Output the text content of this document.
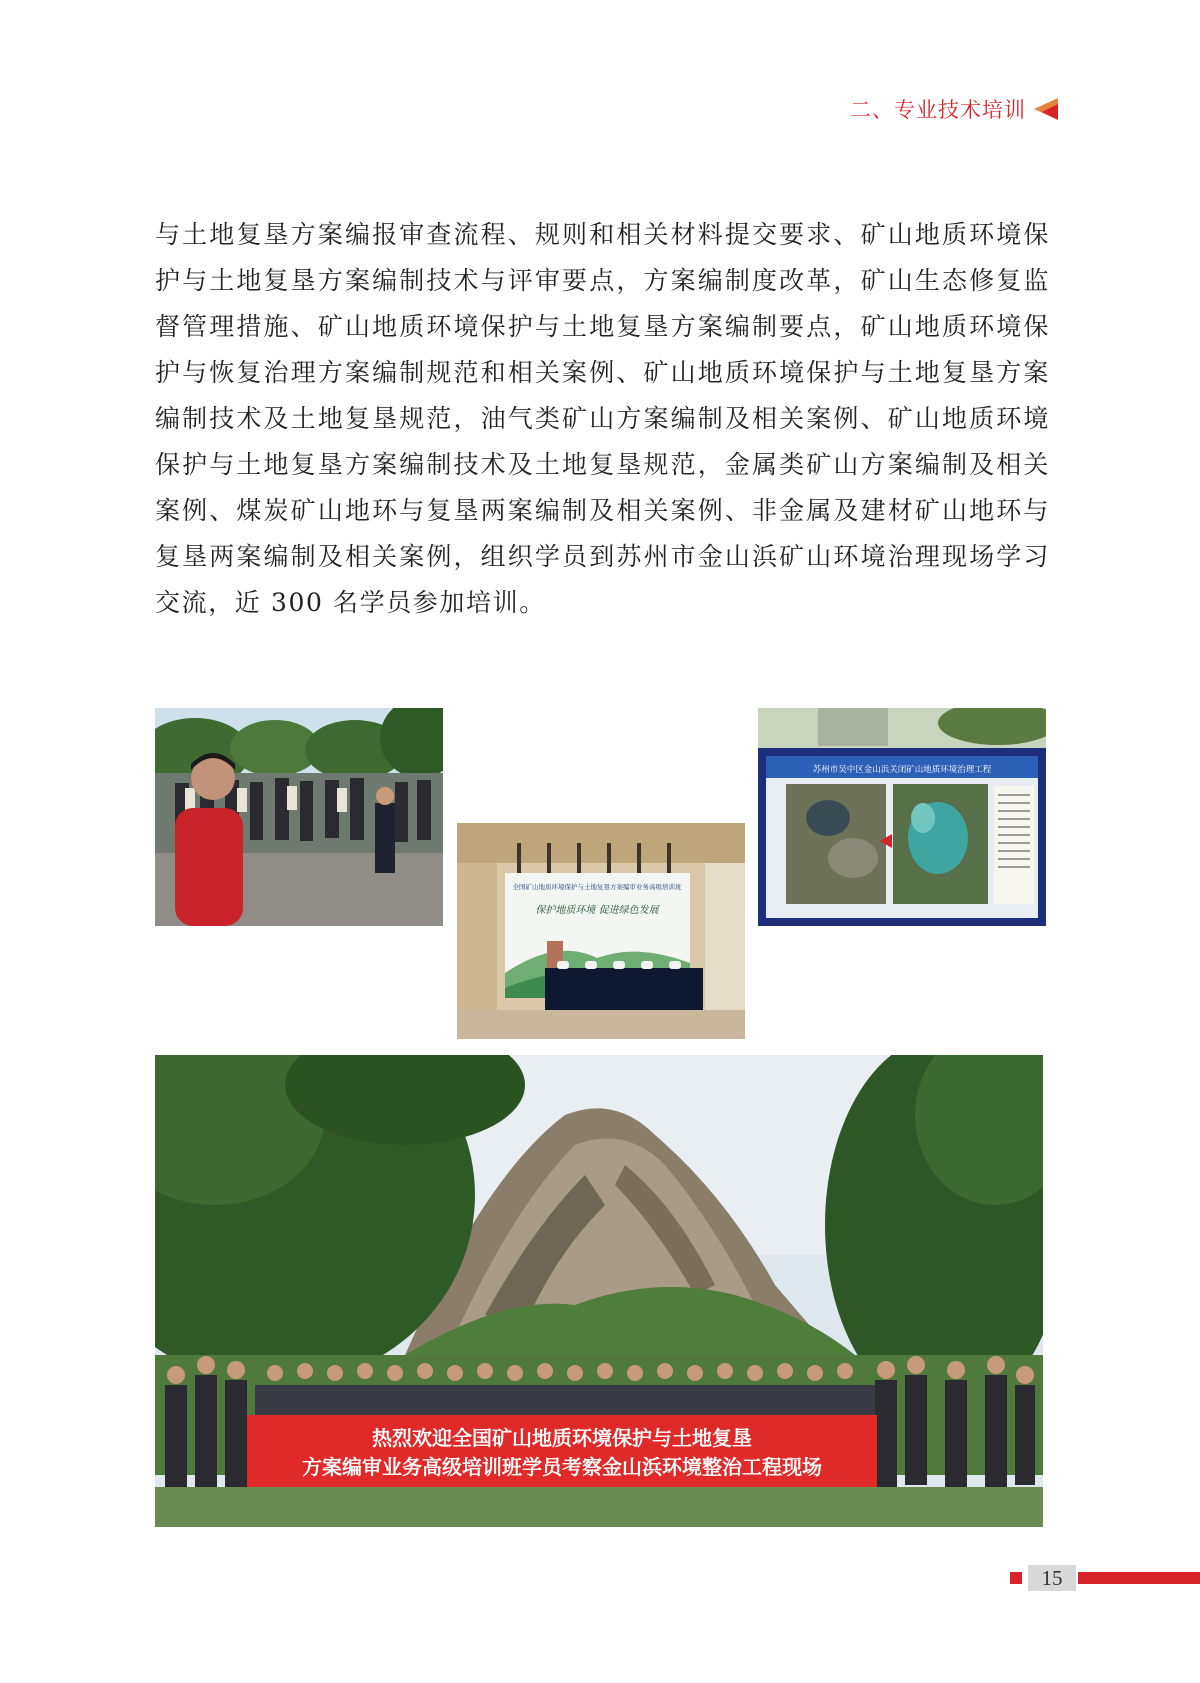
二、专业技术培训

与土地复垦方案编报审查流程、规则和相关材料提交要求、矿山地质环境保护与土地复垦方案编制技术与评审要点，方案编制度改革，矿山生态修复监督管理措施、矿山地质环境保护与土地复垦方案编制要点，矿山地质环境保护与恢复治理方案编制规范和相关案例、矿山地质环境保护与土地复垦方案编制技术及土地复垦规范，油气类矿山方案编制及相关案例、矿山地质环境保护与土地复垦方案编制技术及土地复垦规范，金属类矿山方案编制及相关案例、煤炭矿山地环与复垦两案编制及相关案例、非金属及建材矿山地环与复垦两案编制及相关案例，组织学员到苏州市金山浜矿山环境治理现场学习交流，近 300 名学员参加培训。

全国矿山地质环境保护与土地复垦方案编审业务高级培训班
保护地质环境 促进绿色发展
苏州市吴中区金山浜关闭矿山地质环境治理工程
热烈欢迎全国矿山地质环境保护与土地复垦
方案编审业务高级培训班学员考察金山浜环境整治工程现场
15
